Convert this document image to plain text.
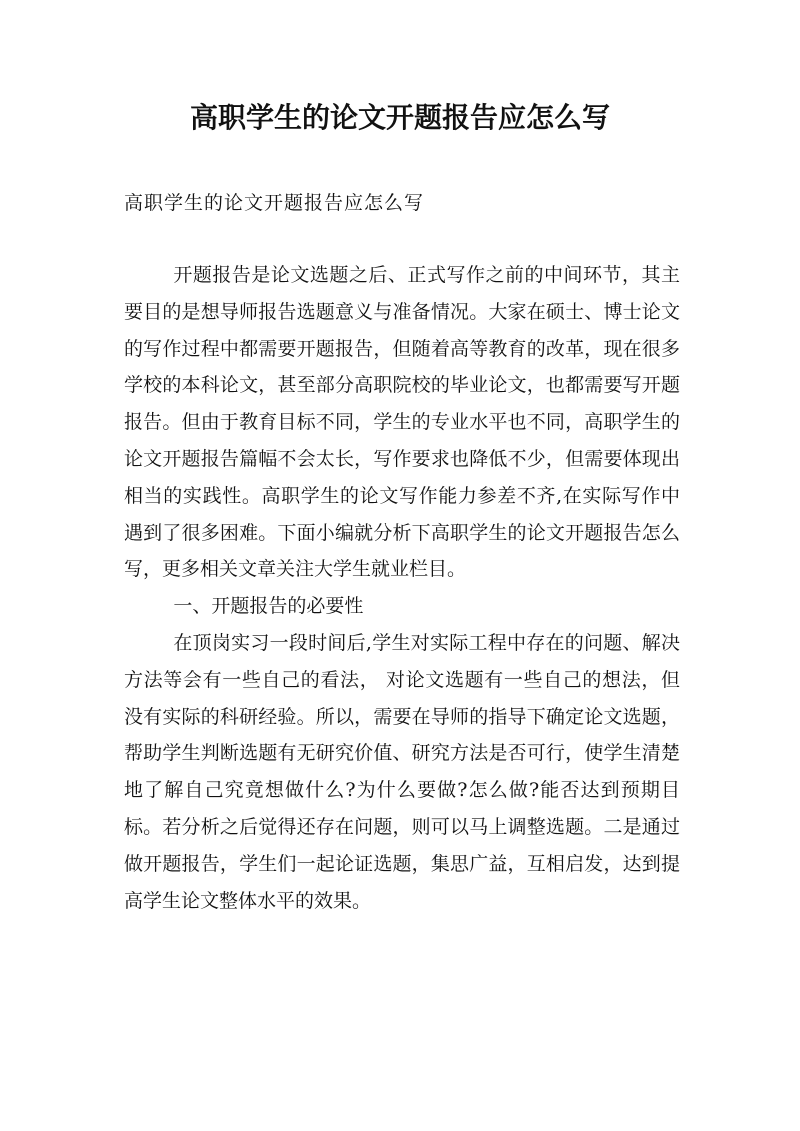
高职学生的论文开题报告应怎么写

高职学生的论文开题报告应怎么写

开题报告是论文选题之后、正式写作之前的中间环节，其主要目的是想导师报告选题意义与准备情况。大家在硕士、博士论文的写作过程中都需要开题报告，但随着高等教育的改革，现在很多学校的本科论文，甚至部分高职院校的毕业论文，也都需要写开题报告。但由于教育目标不同，学生的专业水平也不同，高职学生的论文开题报告篇幅不会太长，写作要求也降低不少，但需要体现出相当的实践性。高职学生的论文写作能力参差不齐,在实际写作中遇到了很多困难。下面小编就分析下高职学生的论文开题报告怎么写，更多相关文章关注大学生就业栏目。

一、开题报告的必要性

在顶岗实习一段时间后,学生对实际工程中存在的问题、解决方法等会有一些自己的看法， 对论文选题有一些自己的想法，但没有实际的科研经验。所以，需要在导师的指导下确定论文选题，帮助学生判断选题有无研究价值、研究方法是否可行，使学生清楚地了解自己究竟想做什么?为什么要做?怎么做?能否达到预期目标。若分析之后觉得还存在问题，则可以马上调整选题。二是通过做开题报告，学生们一起论证选题，集思广益，互相启发，达到提高学生论文整体水平的效果。
